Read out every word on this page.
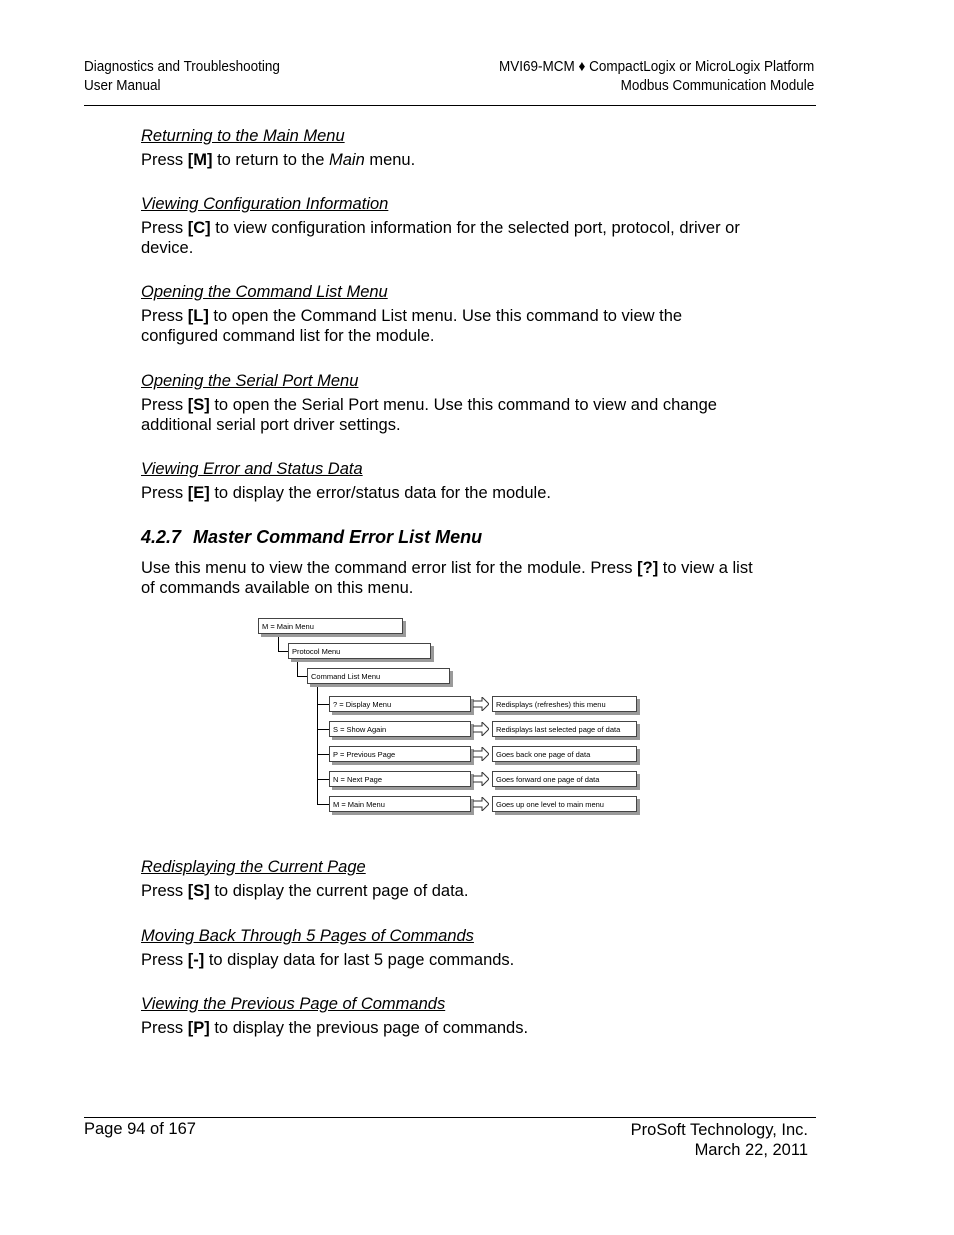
Diagnostics and Troubleshooting
User Manual
MVI69-MCM ♦ CompactLogix or MicroLogix Platform
Modbus Communication Module

Returning to the Main Menu

Press [M] to return to the Main menu.

Viewing Configuration Information

Press [C] to view configuration information for the selected port, protocol, driver or device.

Opening the Command List Menu

Press [L] to open the Command List menu. Use this command to view the configured command list for the module.

Opening the Serial Port Menu

Press [S] to open the Serial Port menu. Use this command to view and change additional serial port driver settings.

Viewing Error and Status Data

Press [E] to display the error/status data for the module.

4.2.7 Master Command Error List Menu

Use this menu to view the command error list for the module. Press [?] to view a list of commands available on this menu.

M = Main Menu
Protocol Menu
Command List Menu
? = Display Menu	Redisplays (refreshes) this menu
S = Show Again	Redisplays last selected page of data
P = Previous Page	Goes back one page of data
N = Next Page	Goes forward one page of data
M = Main Menu	Goes up one level to main menu

Redisplaying the Current Page

Press [S] to display the current page of data.

Moving Back Through 5 Pages of Commands

Press [-] to display data for last 5 page commands.

Viewing the Previous Page of Commands

Press [P] to display the previous page of commands.

Page 94 of 167	ProSoft Technology, Inc.
March 22, 2011
